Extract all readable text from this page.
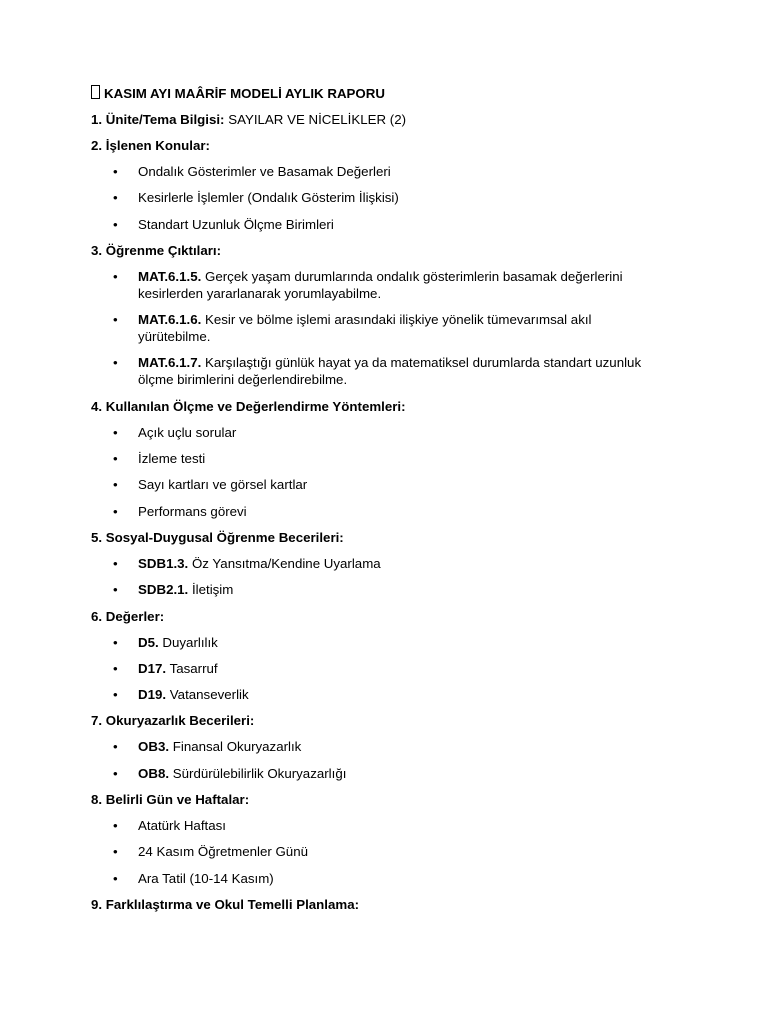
KASIM AYI MAÂRİF MODELİ AYLIK RAPORU
1. Ünite/Tema Bilgisi: SAYILAR VE NİCELİKLER (2)
2. İşlenen Konular:
• Ondalık Gösterimler ve Basamak Değerleri
• Kesirlerle İşlemler (Ondalık Gösterim İlişkisi)
• Standart Uzunluk Ölçme Birimleri
3. Öğrenme Çıktıları:
• MAT.6.1.5. Gerçek yaşam durumlarında ondalık gösterimlerin basamak değerlerini
kesirlerden yararlanarak yorumlayabilme.
• MAT.6.1.6. Kesir ve bölme işlemi arasındaki ilişkiye yönelik tümevarımsal akıl
yürütebilme.
• MAT.6.1.7. Karşılaştığı günlük hayat ya da matematiksel durumlarda standart uzunluk
ölçme birimlerini değerlendirebilme.
4. Kullanılan Ölçme ve Değerlendirme Yöntemleri:
• Açık uçlu sorular
• İzleme testi
• Sayı kartları ve görsel kartlar
• Performans görevi
5. Sosyal-Duygusal Öğrenme Becerileri:
• SDB1.3. Öz Yansıtma/Kendine Uyarlama
• SDB2.1. İletişim
6. Değerler:
• D5. Duyarlılık
• D17. Tasarruf
• D19. Vatanseverlik
7. Okuryazarlık Becerileri:
• OB3. Finansal Okuryazarlık
• OB8. Sürdürülebilirlik Okuryazarlığı
8. Belirli Gün ve Haftalar:
• Atatürk Haftası
• 24 Kasım Öğretmenler Günü
• Ara Tatil (10-14 Kasım)
9. Farklılaştırma ve Okul Temelli Planlama:
